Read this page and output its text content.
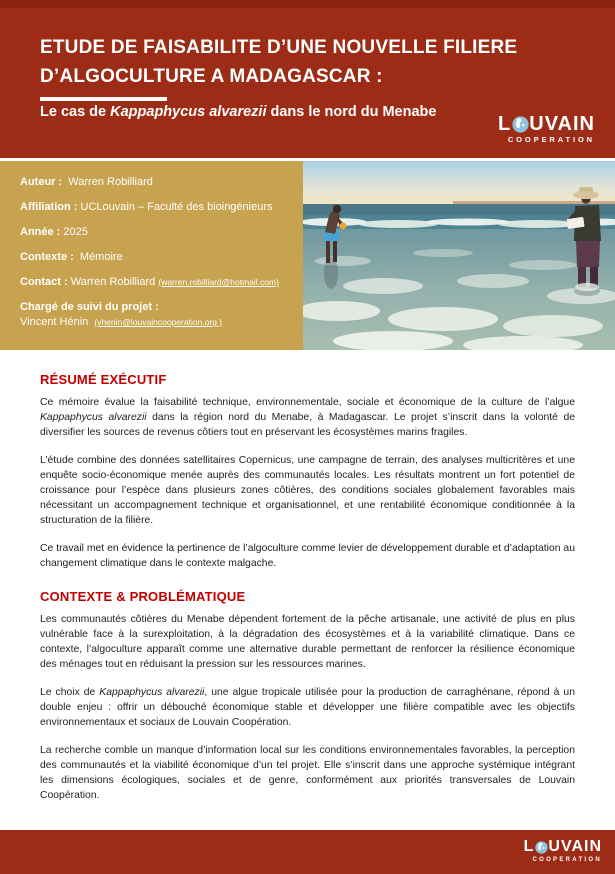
ETUDE DE FAISABILITE D’UNE NOUVELLE FILIERE
D’ALGOCULTURE A MADAGASCAR :
Le cas de Kappaphycus alvarezii dans le nord du Menabe
L UVAIN
COOPERATION
Auteur : Warren Robilliard
Affiliation : UCLouvain – Faculté des bioingénieurs
Année : 2025
Contexte : Mémoire
Contact : Warren Robilliard (warren.robilliard@hotmail.com)
Chargé de suivi du projet :
Vincent Hénin (vhenin@louvaincooperation.org )
RÉSUMÉ EXÉCUTIF

Ce mémoire évalue la faisabilité technique, environnementale, sociale et économique de la culture de l’algue Kappaphycus alvarezii dans la région nord du Menabe, à Madagascar. Le projet s’inscrit dans la volonté de diversifier les sources de revenus côtiers tout en préservant les écosystèmes marins fragiles.

L’étude combine des données satellitaires Copernicus, une campagne de terrain, des analyses multicritères et une enquête socio-économique menée auprès des communautés locales. Les résultats montrent un fort potentiel de croissance pour l’espèce dans plusieurs zones côtières, des conditions sociales globalement favorables mais nécessitant un accompagnement technique et organisationnel, et une rentabilité économique conditionnée à la structuration de la filière.

Ce travail met en évidence la pertinence de l’algoculture comme levier de développement durable et d’adaptation au changement climatique dans le contexte malgache.

CONTEXTE & PROBLÉMATIQUE

Les communautés côtières du Menabe dépendent fortement de la pêche artisanale, une activité de plus en plus vulnérable face à la surexploitation, à la dégradation des écosystèmes et à la variabilité climatique. Dans ce contexte, l’algoculture apparaît comme une alternative durable permettant de renforcer la résilience économique des ménages tout en réduisant la pression sur les ressources marines.

Le choix de Kappaphycus alvarezii, une algue tropicale utilisée pour la production de carraghénane, répond à un double enjeu : offrir un débouché économique stable et développer une filière compatible avec les objectifs environnementaux et sociaux de Louvain Coopération.

La recherche comble un manque d’information local sur les conditions environnementales favorables, la perception des communautés et la viabilité économique d’un tel projet. Elle s’inscrit dans une approche systémique intégrant les dimensions écologiques, sociales et de genre, conformément aux priorités transversales de Louvain Coopération.

L UVAIN
COOPERATION
